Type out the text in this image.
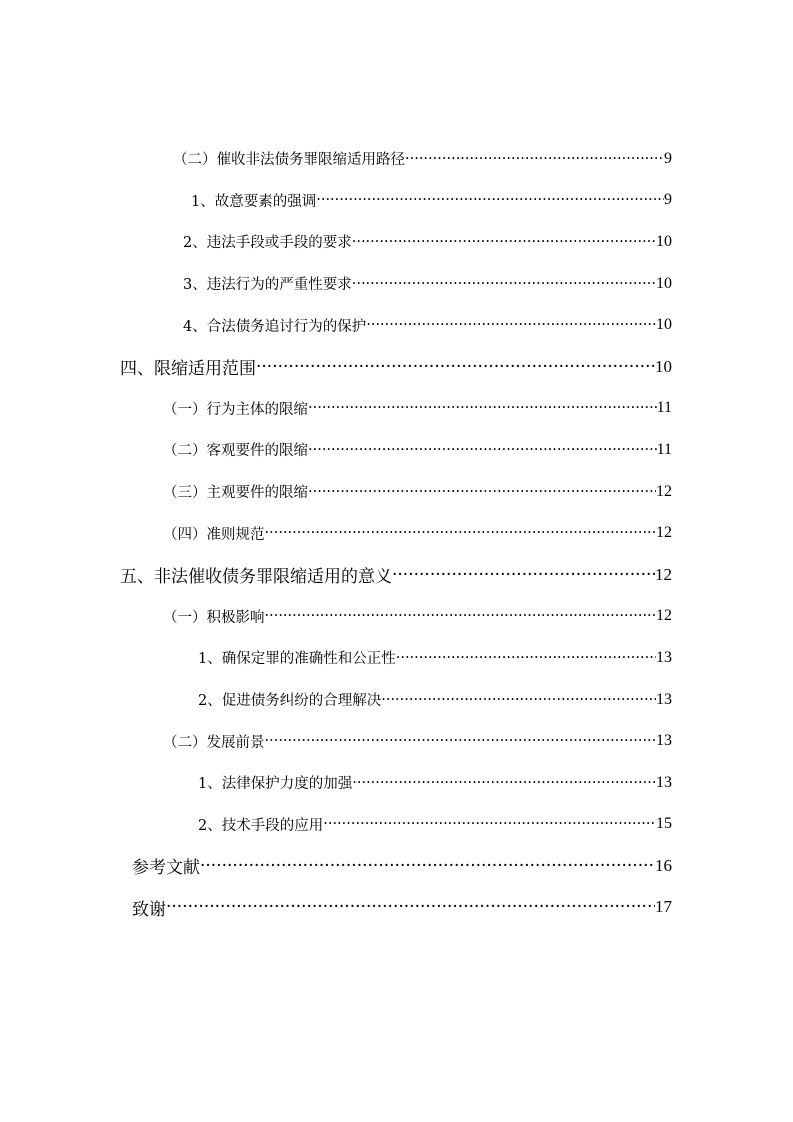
（二）催收非法债务罪限缩适用路径 ·····	9
1、故意要素的强调 ·····	9
2、违法手段或手段的要求 ·····	10
3、违法行为的严重性要求 ·····	10
4、合法债务追讨行为的保护 ·····	10
四、限缩适用范围 ·····	10
（一）行为主体的限缩 ·····	11
（二）客观要件的限缩 ·····	11
（三）主观要件的限缩 ·····	12
（四）准则规范 ·····	12
五、非法催收债务罪限缩适用的意义 ·····	12
（一）积极影响 ·····	12
1、确保定罪的准确性和公正性 ·····	13
2、促进债务纠纷的合理解决 ·····	13
（二）发展前景 ·····	13
1、法律保护力度的加强 ·····	13
2、技术手段的应用 ·····	15
参考文献 ·····	16
致谢 ·····	17
